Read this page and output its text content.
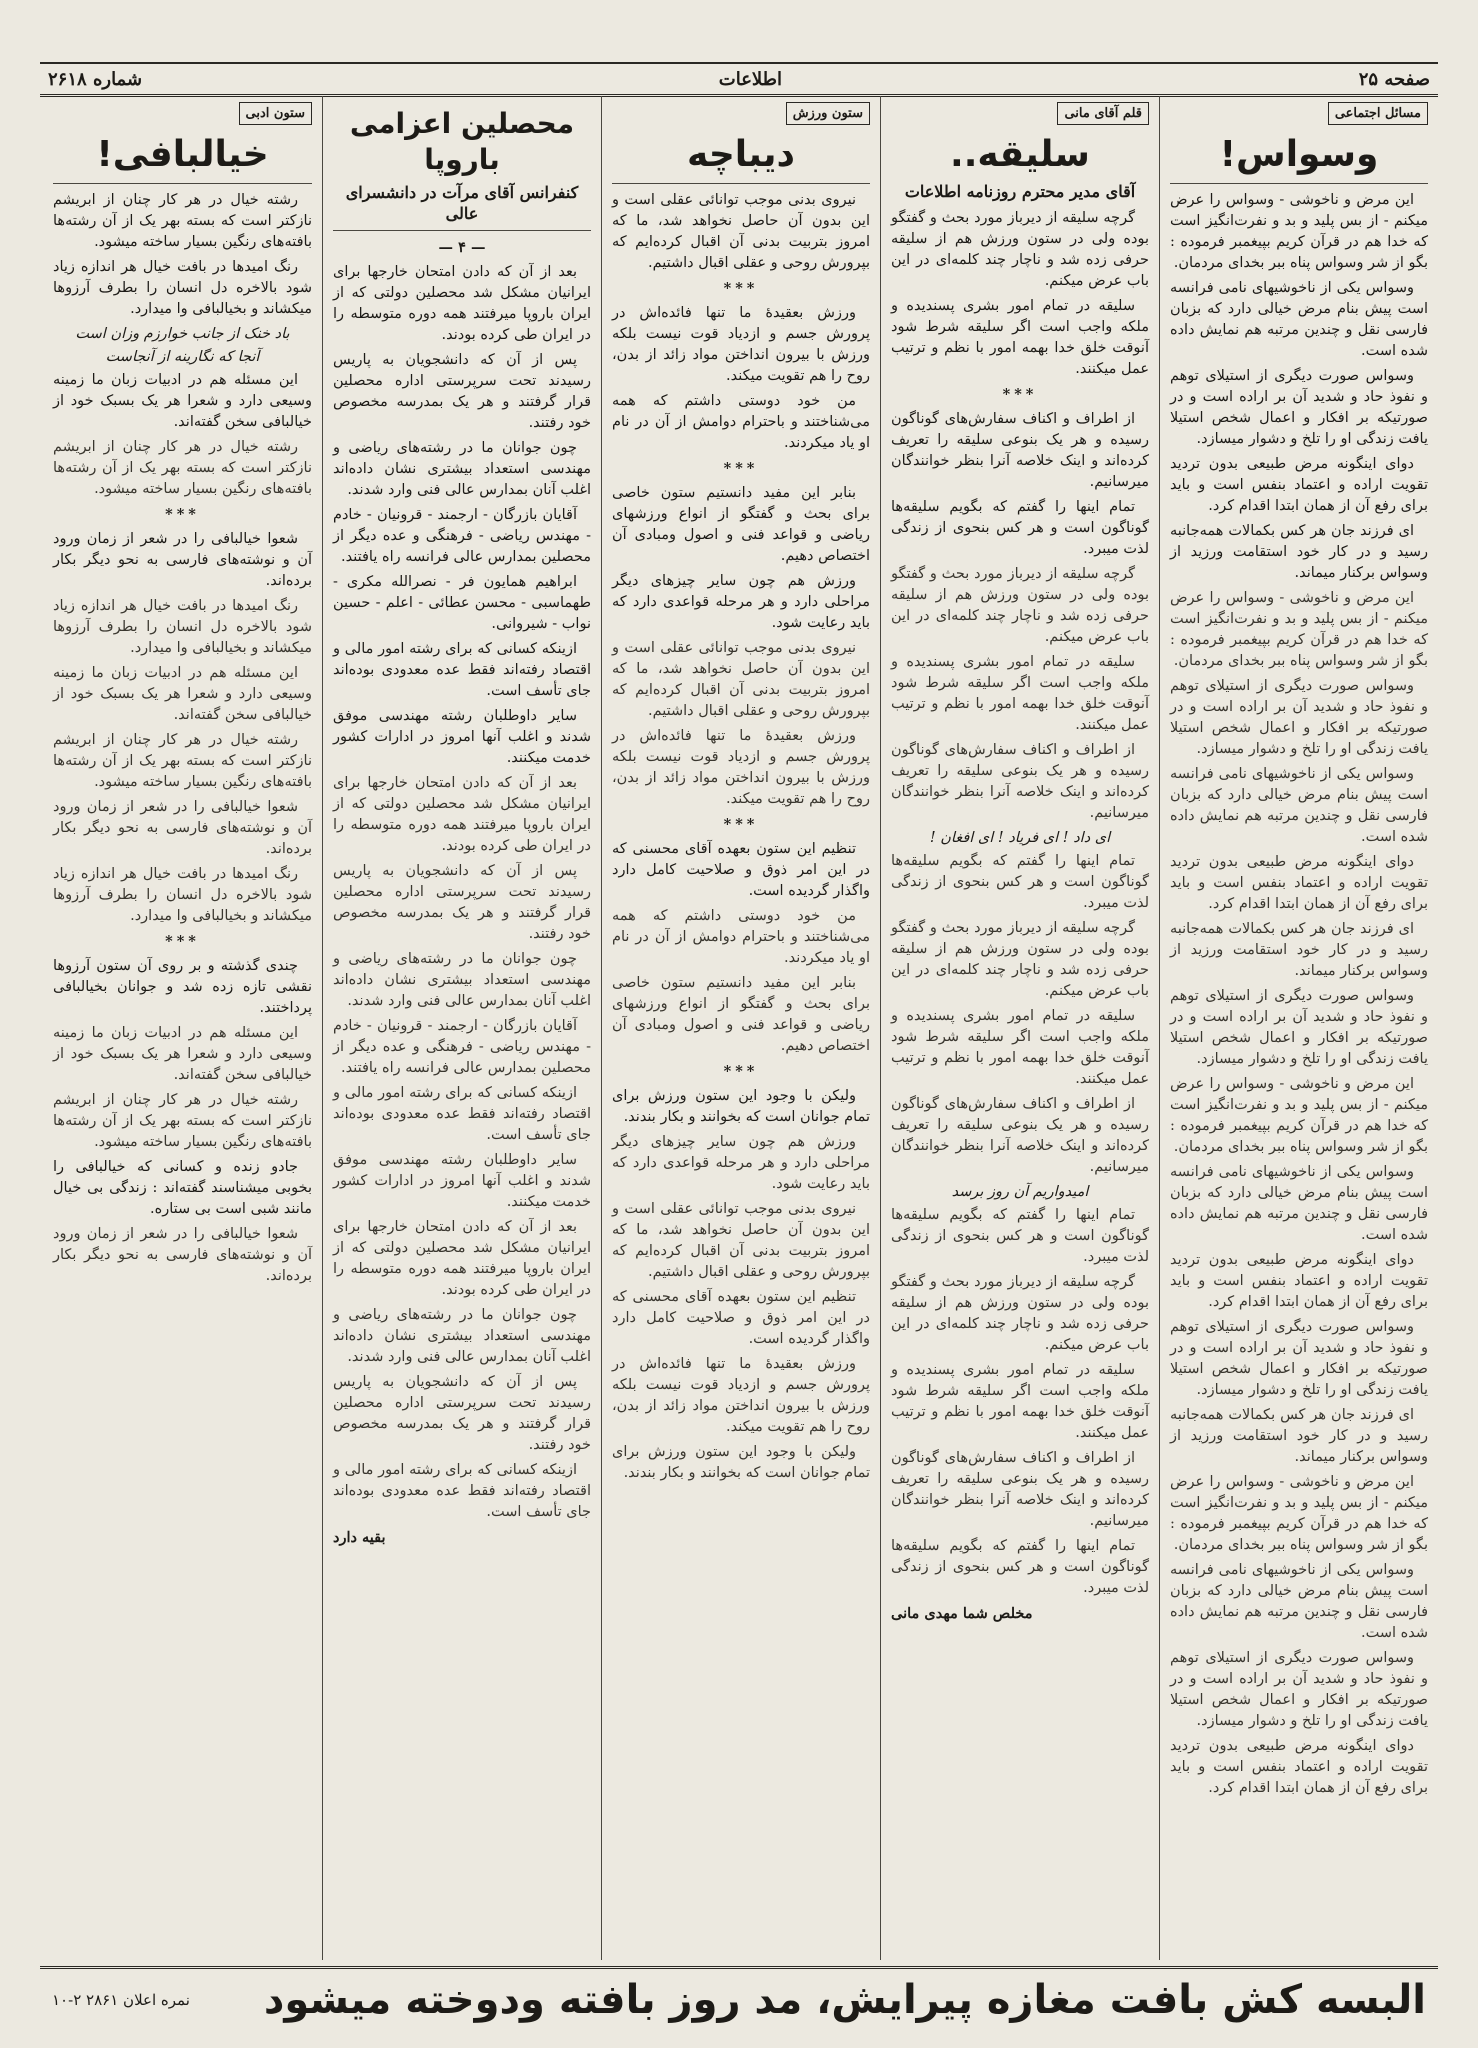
صفحه ۲۵
اطلاعات
شماره ۲۶۱۸
مسائل اجتماعی
وسواس!

این مرض و ناخوشی - وسواس را عرض میکنم - از بس پلید و بد و نفرت‌انگیز است که خدا هم در قرآن کریم بپیغمبر فرموده : بگو از شر وسواس پناه ببر بخدای مردمان.

وسواس یکی از ناخوشیهای نامی فرانسه است پیش بنام مرض خیالی دارد که بزبان فارسی نقل و چندین مرتبه هم نمایش داده شده است.

وسواس صورت دیگری از استیلای توهم و نفوذ حاد و شدید آن بر اراده است و در صورتیکه بر افکار و اعمال شخص استیلا یافت زندگی او را تلخ و دشوار میسازد.

دوای اینگونه مرض طبیعی بدون تردید تقویت اراده و اعتماد بنفس است و باید برای رفع آن از همان ابتدا اقدام کرد.

ای فرزند جان هر کس بکمالات همه‌جانبه رسید و در کار خود استقامت ورزید از وسواس برکنار میماند.

این مرض و ناخوشی - وسواس را عرض میکنم - از بس پلید و بد و نفرت‌انگیز است که خدا هم در قرآن کریم بپیغمبر فرموده : بگو از شر وسواس پناه ببر بخدای مردمان.

وسواس صورت دیگری از استیلای توهم و نفوذ حاد و شدید آن بر اراده است و در صورتیکه بر افکار و اعمال شخص استیلا یافت زندگی او را تلخ و دشوار میسازد.

وسواس یکی از ناخوشیهای نامی فرانسه است پیش بنام مرض خیالی دارد که بزبان فارسی نقل و چندین مرتبه هم نمایش داده شده است.

دوای اینگونه مرض طبیعی بدون تردید تقویت اراده و اعتماد بنفس است و باید برای رفع آن از همان ابتدا اقدام کرد.

ای فرزند جان هر کس بکمالات همه‌جانبه رسید و در کار خود استقامت ورزید از وسواس برکنار میماند.

وسواس صورت دیگری از استیلای توهم و نفوذ حاد و شدید آن بر اراده است و در صورتیکه بر افکار و اعمال شخص استیلا یافت زندگی او را تلخ و دشوار میسازد.

این مرض و ناخوشی - وسواس را عرض میکنم - از بس پلید و بد و نفرت‌انگیز است که خدا هم در قرآن کریم بپیغمبر فرموده : بگو از شر وسواس پناه ببر بخدای مردمان.

وسواس یکی از ناخوشیهای نامی فرانسه است پیش بنام مرض خیالی دارد که بزبان فارسی نقل و چندین مرتبه هم نمایش داده شده است.

دوای اینگونه مرض طبیعی بدون تردید تقویت اراده و اعتماد بنفس است و باید برای رفع آن از همان ابتدا اقدام کرد.

وسواس صورت دیگری از استیلای توهم و نفوذ حاد و شدید آن بر اراده است و در صورتیکه بر افکار و اعمال شخص استیلا یافت زندگی او را تلخ و دشوار میسازد.

ای فرزند جان هر کس بکمالات همه‌جانبه رسید و در کار خود استقامت ورزید از وسواس برکنار میماند.

این مرض و ناخوشی - وسواس را عرض میکنم - از بس پلید و بد و نفرت‌انگیز است که خدا هم در قرآن کریم بپیغمبر فرموده : بگو از شر وسواس پناه ببر بخدای مردمان.

وسواس یکی از ناخوشیهای نامی فرانسه است پیش بنام مرض خیالی دارد که بزبان فارسی نقل و چندین مرتبه هم نمایش داده شده است.

وسواس صورت دیگری از استیلای توهم و نفوذ حاد و شدید آن بر اراده است و در صورتیکه بر افکار و اعمال شخص استیلا یافت زندگی او را تلخ و دشوار میسازد.

دوای اینگونه مرض طبیعی بدون تردید تقویت اراده و اعتماد بنفس است و باید برای رفع آن از همان ابتدا اقدام کرد.

قلم آقای مانی
سلیقه..
آقای مدیر محترم روزنامه اطلاعات

گرچه سلیقه از دیرباز مورد بحث و گفتگو بوده ولی در ستون ورزش هم از سلیقه حرفی زده شد و ناچار چند کلمه‌ای در این باب عرض میکنم.

سلیقه در تمام امور بشری پسندیده و ملکه واجب است اگر سلیقه شرط شود آنوقت خلق خدا بهمه امور با نظم و ترتیب عمل میکنند.

***

از اطراف و اکناف سفارش‌های گوناگون رسیده و هر یک بنوعی سلیقه را تعریف کرده‌اند و اینک خلاصه آنرا بنظر خوانندگان میرسانیم.

تمام اینها را گفتم که بگویم سلیقه‌ها گوناگون است و هر کس بنحوی از زندگی لذت میبرد.

گرچه سلیقه از دیرباز مورد بحث و گفتگو بوده ولی در ستون ورزش هم از سلیقه حرفی زده شد و ناچار چند کلمه‌ای در این باب عرض میکنم.

سلیقه در تمام امور بشری پسندیده و ملکه واجب است اگر سلیقه شرط شود آنوقت خلق خدا بهمه امور با نظم و ترتیب عمل میکنند.

از اطراف و اکناف سفارش‌های گوناگون رسیده و هر یک بنوعی سلیقه را تعریف کرده‌اند و اینک خلاصه آنرا بنظر خوانندگان میرسانیم.

ای داد ! ای فریاد ! ای افغان !

تمام اینها را گفتم که بگویم سلیقه‌ها گوناگون است و هر کس بنحوی از زندگی لذت میبرد.

گرچه سلیقه از دیرباز مورد بحث و گفتگو بوده ولی در ستون ورزش هم از سلیقه حرفی زده شد و ناچار چند کلمه‌ای در این باب عرض میکنم.

سلیقه در تمام امور بشری پسندیده و ملکه واجب است اگر سلیقه شرط شود آنوقت خلق خدا بهمه امور با نظم و ترتیب عمل میکنند.

از اطراف و اکناف سفارش‌های گوناگون رسیده و هر یک بنوعی سلیقه را تعریف کرده‌اند و اینک خلاصه آنرا بنظر خوانندگان میرسانیم.

امیدواریم آن روز برسد

تمام اینها را گفتم که بگویم سلیقه‌ها گوناگون است و هر کس بنحوی از زندگی لذت میبرد.

گرچه سلیقه از دیرباز مورد بحث و گفتگو بوده ولی در ستون ورزش هم از سلیقه حرفی زده شد و ناچار چند کلمه‌ای در این باب عرض میکنم.

سلیقه در تمام امور بشری پسندیده و ملکه واجب است اگر سلیقه شرط شود آنوقت خلق خدا بهمه امور با نظم و ترتیب عمل میکنند.

از اطراف و اکناف سفارش‌های گوناگون رسیده و هر یک بنوعی سلیقه را تعریف کرده‌اند و اینک خلاصه آنرا بنظر خوانندگان میرسانیم.

تمام اینها را گفتم که بگویم سلیقه‌ها گوناگون است و هر کس بنحوی از زندگی لذت میبرد.

مخلص شما مهدی مانی
ستون ورزش
دیباچه

نیروی بدنی موجب توانائی عقلی است و این بدون آن حاصل نخواهد شد، ما که امروز بتربیت بدنی آن اقبال کرده‌ایم که بپرورش روحی و عقلی اقبال داشتیم.

***

ورزش بعقیدهٔ ما تنها فائده‌اش در پرورش جسم و ازدیاد قوت نیست بلکه ورزش با بیرون انداختن مواد زائد از بدن، روح را هم تقویت میکند.

من خود دوستی داشتم که همه می‌شناختند و باحترام دوامش از آن در نام او یاد میکردند.

***

بنابر این مفید دانستیم ستون خاصی برای بحث و گفتگو از انواع ورزشهای ریاضی و قواعد فنی و اصول ومبادی آن اختصاص دهیم.

ورزش هم چون سایر چیزهای دیگر مراحلی دارد و هر مرحله قواعدی دارد که باید رعایت شود.

نیروی بدنی موجب توانائی عقلی است و این بدون آن حاصل نخواهد شد، ما که امروز بتربیت بدنی آن اقبال کرده‌ایم که بپرورش روحی و عقلی اقبال داشتیم.

ورزش بعقیدهٔ ما تنها فائده‌اش در پرورش جسم و ازدیاد قوت نیست بلکه ورزش با بیرون انداختن مواد زائد از بدن، روح را هم تقویت میکند.

***

تنظیم این ستون بعهده آقای محسنی که در این امر ذوق و صلاحیت کامل دارد واگذار گردیده است.

من خود دوستی داشتم که همه می‌شناختند و باحترام دوامش از آن در نام او یاد میکردند.

بنابر این مفید دانستیم ستون خاصی برای بحث و گفتگو از انواع ورزشهای ریاضی و قواعد فنی و اصول ومبادی آن اختصاص دهیم.

***

ولیکن با وجود این ستون ورزش برای تمام جوانان است که بخوانند و بکار بندند.

ورزش هم چون سایر چیزهای دیگر مراحلی دارد و هر مرحله قواعدی دارد که باید رعایت شود.

نیروی بدنی موجب توانائی عقلی است و این بدون آن حاصل نخواهد شد، ما که امروز بتربیت بدنی آن اقبال کرده‌ایم که بپرورش روحی و عقلی اقبال داشتیم.

تنظیم این ستون بعهده آقای محسنی که در این امر ذوق و صلاحیت کامل دارد واگذار گردیده است.

ورزش بعقیدهٔ ما تنها فائده‌اش در پرورش جسم و ازدیاد قوت نیست بلکه ورزش با بیرون انداختن مواد زائد از بدن، روح را هم تقویت میکند.

ولیکن با وجود این ستون ورزش برای تمام جوانان است که بخوانند و بکار بندند.

محصلین اعزامی باروپا
کنفرانس آقای مرآت در دانشسرای عالی
— ۴ —

بعد از آن که دادن امتحان خارجها برای ایرانیان مشکل شد محصلین دولتی که از ایران باروپا میرفتند همه دوره متوسطه را در ایران طی کرده بودند.

پس از آن که دانشجویان به پاریس رسیدند تحت سرپرستی اداره محصلین قرار گرفتند و هر یک بمدرسه مخصوص خود رفتند.

چون جوانان ما در رشته‌های ریاضی و مهندسی استعداد بیشتری نشان داده‌اند اغلب آنان بمدارس عالی فنی وارد شدند.

آقایان بازرگان - ارجمند - قرونیان - خادم - مهندس ریاضی - فرهنگی و عده دیگر از محصلین بمدارس عالی فرانسه راه یافتند.

ابراهیم همایون فر - نصرالله مکری - طهماسبی - محسن عطائی - اعلم - حسین نواب - شیروانی.

ازینکه کسانی که برای رشته امور مالی و اقتصاد رفته‌اند فقط عده معدودی بوده‌اند جای تأسف است.

ساير داوطلبان رشته مهندسی موفق شدند و اغلب آنها امروز در ادارات کشور خدمت میکنند.

بعد از آن که دادن امتحان خارجها برای ایرانیان مشکل شد محصلین دولتی که از ایران باروپا میرفتند همه دوره متوسطه را در ایران طی کرده بودند.

پس از آن که دانشجویان به پاریس رسیدند تحت سرپرستی اداره محصلین قرار گرفتند و هر یک بمدرسه مخصوص خود رفتند.

چون جوانان ما در رشته‌های ریاضی و مهندسی استعداد بیشتری نشان داده‌اند اغلب آنان بمدارس عالی فنی وارد شدند.

آقایان بازرگان - ارجمند - قرونیان - خادم - مهندس ریاضی - فرهنگی و عده دیگر از محصلین بمدارس عالی فرانسه راه یافتند.

ازینکه کسانی که برای رشته امور مالی و اقتصاد رفته‌اند فقط عده معدودی بوده‌اند جای تأسف است.

ساير داوطلبان رشته مهندسی موفق شدند و اغلب آنها امروز در ادارات کشور خدمت میکنند.

بعد از آن که دادن امتحان خارجها برای ایرانیان مشکل شد محصلین دولتی که از ایران باروپا میرفتند همه دوره متوسطه را در ایران طی کرده بودند.

چون جوانان ما در رشته‌های ریاضی و مهندسی استعداد بیشتری نشان داده‌اند اغلب آنان بمدارس عالی فنی وارد شدند.

پس از آن که دانشجویان به پاریس رسیدند تحت سرپرستی اداره محصلین قرار گرفتند و هر یک بمدرسه مخصوص خود رفتند.

ازینکه کسانی که برای رشته امور مالی و اقتصاد رفته‌اند فقط عده معدودی بوده‌اند جای تأسف است.

بقیه دارد
ستون ادبی
خیالبافی!

رشته خیال در هر کار چنان از ابریشم نازکتر است که بسته بهر یک از آن رشته‌ها بافته‌های رنگین بسیار ساخته میشود.

رنگ امیدها در بافت خیال هر اندازه زیاد شود بالاخره دل انسان را بطرف آرزوها میکشاند و بخیالبافی وا میدارد.

باد خنک از جانب خوارزم وزان است
آنجا که نگارینه از آنجاست

این مسئله هم در ادبیات زبان ما زمینه وسیعی دارد و شعرا هر یک بسبک خود از خیالبافی سخن گفته‌اند.

رشته خیال در هر کار چنان از ابریشم نازکتر است که بسته بهر یک از آن رشته‌ها بافته‌های رنگین بسیار ساخته میشود.

***

شعوا خیالبافی را در شعر از زمان ورود آن و نوشته‌های فارسی به نحو دیگر بکار برده‌اند.

رنگ امیدها در بافت خیال هر اندازه زیاد شود بالاخره دل انسان را بطرف آرزوها میکشاند و بخیالبافی وا میدارد.

این مسئله هم در ادبیات زبان ما زمینه وسیعی دارد و شعرا هر یک بسبک خود از خیالبافی سخن گفته‌اند.

رشته خیال در هر کار چنان از ابریشم نازکتر است که بسته بهر یک از آن رشته‌ها بافته‌های رنگین بسیار ساخته میشود.

شعوا خیالبافی را در شعر از زمان ورود آن و نوشته‌های فارسی به نحو دیگر بکار برده‌اند.

رنگ امیدها در بافت خیال هر اندازه زیاد شود بالاخره دل انسان را بطرف آرزوها میکشاند و بخیالبافی وا میدارد.

***

چندی گذشته و بر روی آن ستون آرزوها نقشی تازه زده شد و جوانان بخیالبافی پرداختند.

این مسئله هم در ادبیات زبان ما زمینه وسیعی دارد و شعرا هر یک بسبک خود از خیالبافی سخن گفته‌اند.

رشته خیال در هر کار چنان از ابریشم نازکتر است که بسته بهر یک از آن رشته‌ها بافته‌های رنگین بسیار ساخته میشود.

جادو زنده و کسانی که خیالبافی را بخوبی میشناسند گفته‌اند : زندگی بی خیال مانند شبی است بی ستاره.

شعوا خیالبافی را در شعر از زمان ورود آن و نوشته‌های فارسی به نحو دیگر بکار برده‌اند.

البسه کش بافت مغازه پیرایش، مد روز بافته ودوخته میشود
نمره اعلان ۲۸۶۱ ۲-۱۰
